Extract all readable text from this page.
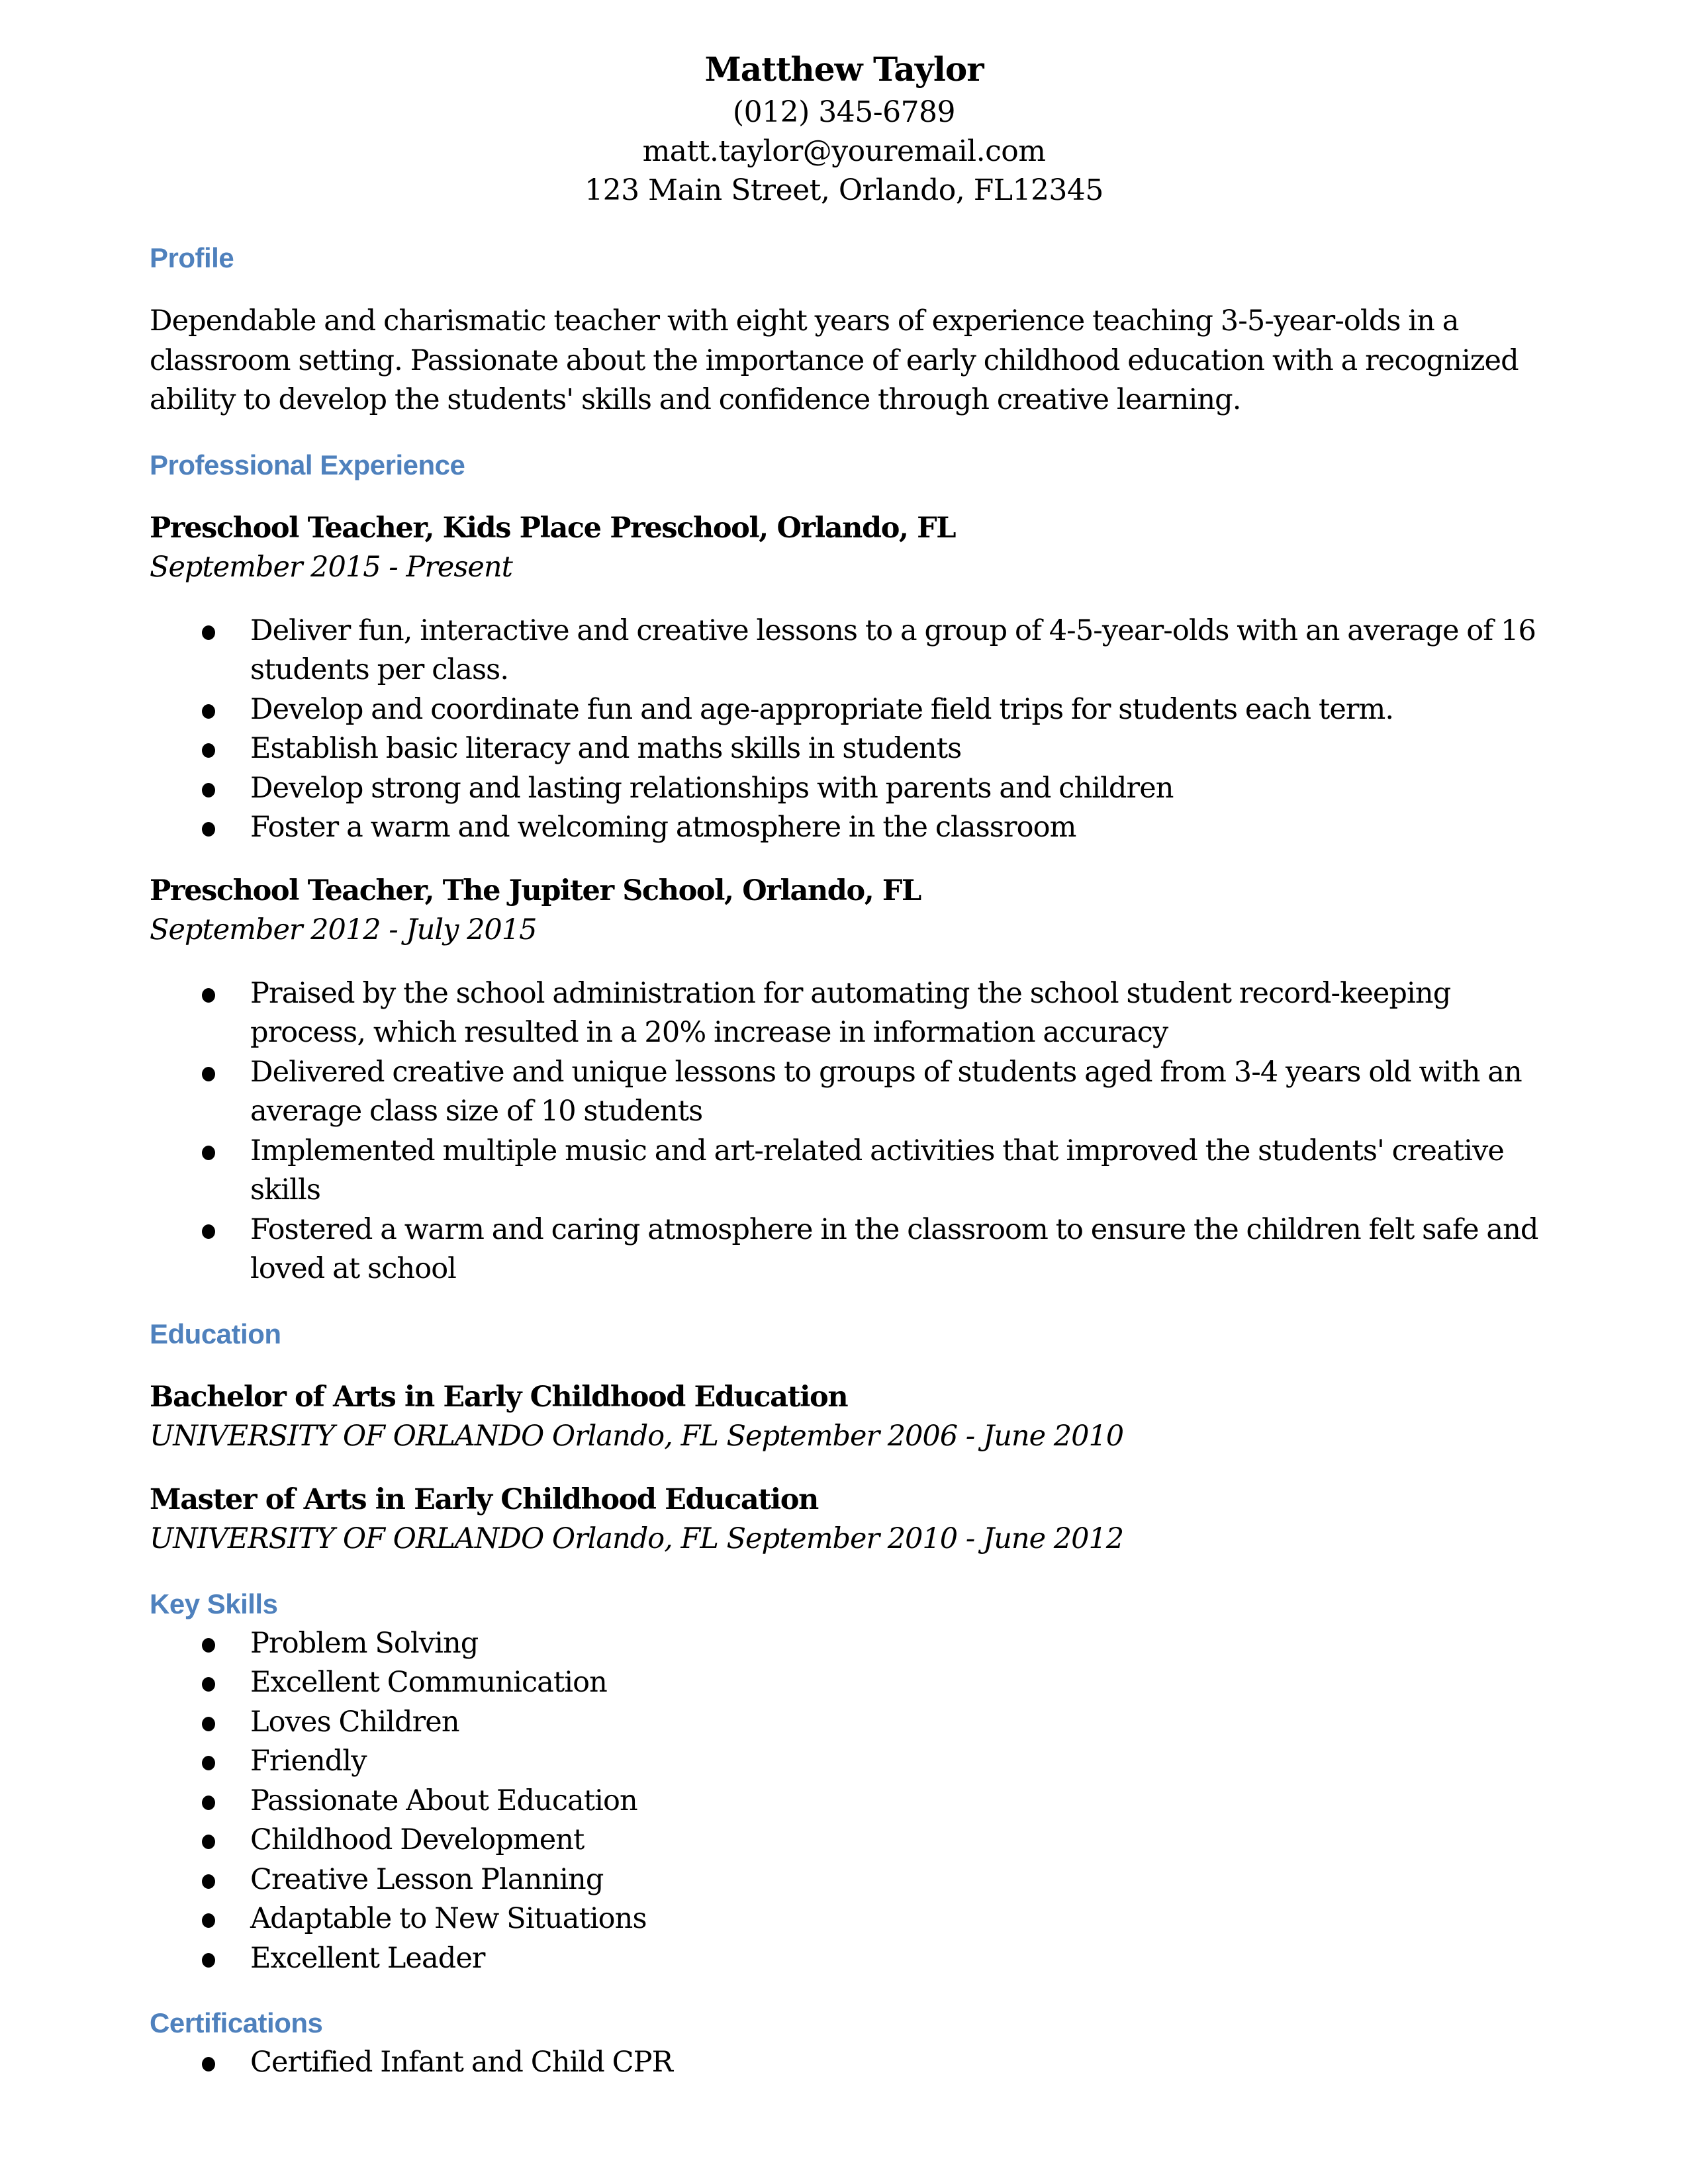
Matthew Taylor
(012) 345-6789
matt.taylor@youremail.com
123 Main Street, Orlando, FL12345
Profile
Dependable and charismatic teacher with eight years of experience teaching 3-5-year-olds in a classroom setting. Passionate about the importance of early childhood education with a recognized ability to develop the students' skills and confidence through creative learning.
Professional Experience
Preschool Teacher, Kids Place Preschool, Orlando, FL
September 2015 - Present
Deliver fun, interactive and creative lessons to a group of 4-5-year-olds with an average of 16 students per class.
Develop and coordinate fun and age-appropriate field trips for students each term.
Establish basic literacy and maths skills in students
Develop strong and lasting relationships with parents and children
Foster a warm and welcoming atmosphere in the classroom
Preschool Teacher, The Jupiter School, Orlando, FL
September 2012 - July 2015
Praised by the school administration for automating the school student record-keeping process, which resulted in a 20% increase in information accuracy
Delivered creative and unique lessons to groups of students aged from 3-4 years old with an average class size of 10 students
Implemented multiple music and art-related activities that improved the students' creative skills
Fostered a warm and caring atmosphere in the classroom to ensure the children felt safe and loved at school
Education
Bachelor of Arts in Early Childhood Education
UNIVERSITY OF ORLANDO Orlando, FL September 2006 - June 2010
Master of Arts in Early Childhood Education
UNIVERSITY OF ORLANDO Orlando, FL September 2010 - June 2012
Key Skills
Problem Solving
Excellent Communication
Loves Children
Friendly
Passionate About Education
Childhood Development
Creative Lesson Planning
Adaptable to New Situations
Excellent Leader
Certifications
Certified Infant and Child CPR
